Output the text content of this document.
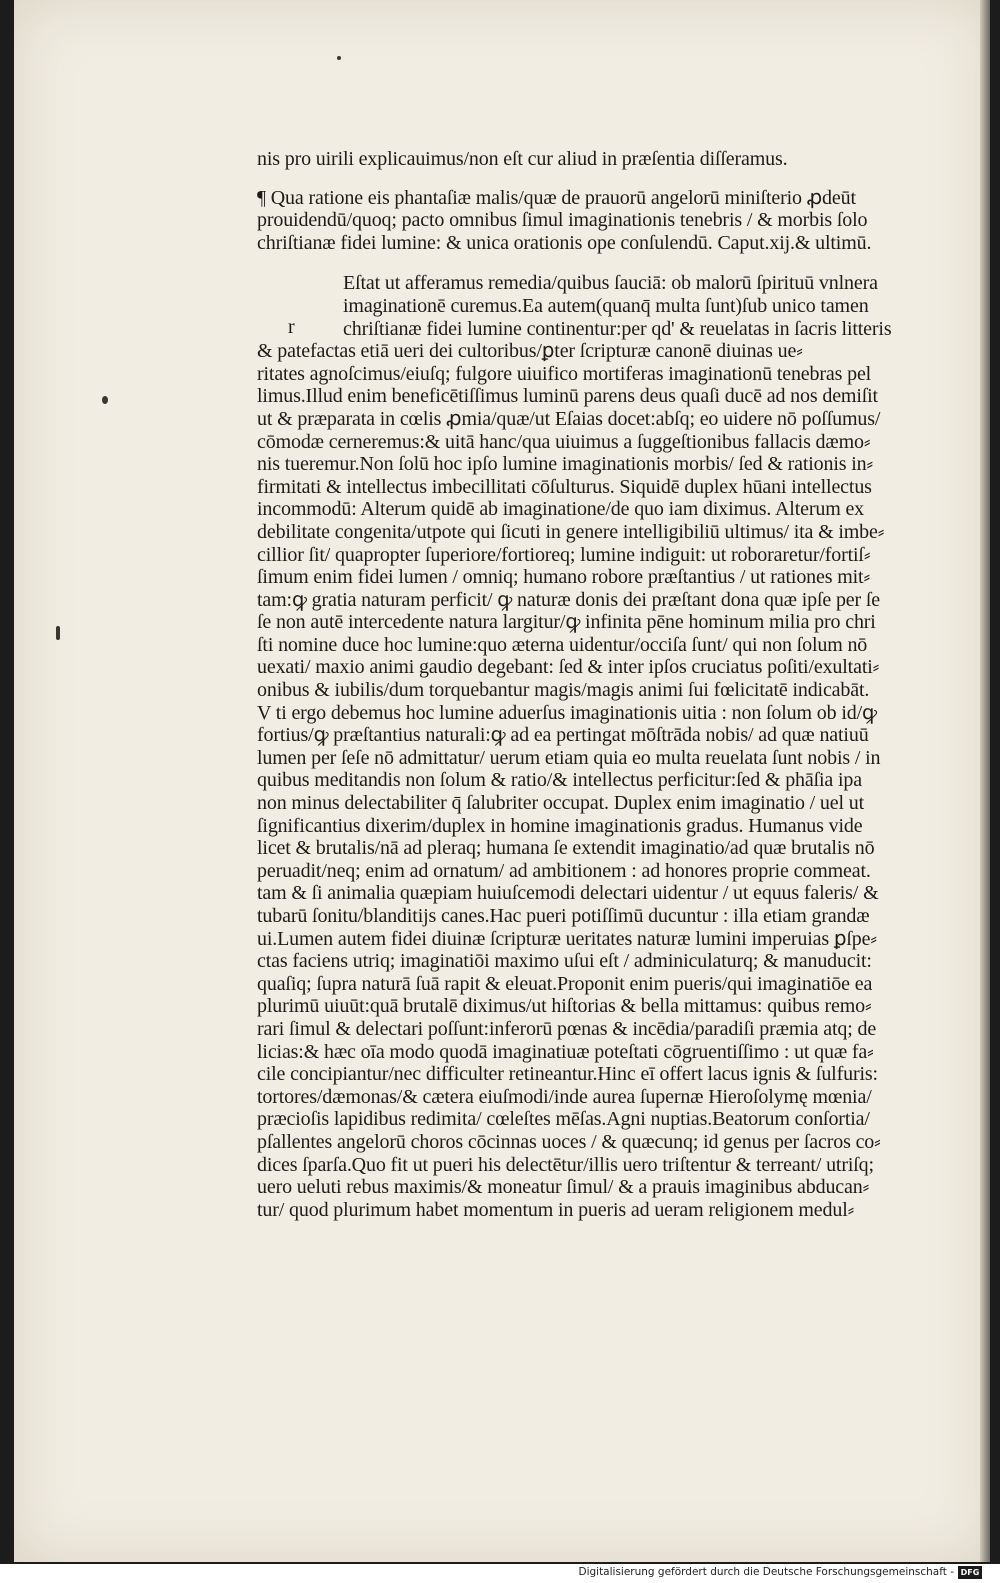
r
nis pro uirili explicauimus/non eſt cur aliud in præſentia diſſeramus.
¶ Qua ratione eis phantaſiæ malis/quæ de prauorū angelorū miniſterio ꝓdeūt
prouidendū/quoq; pacto omnibus ſimul imaginationis tenebris / & morbis ſolo
chriſtianæ fidei lumine: & unica orationis ope conſulendū. Caput.xij.& ultimū.
Eſtat ut afferamus remedia/quibus ſauciā: ob malorū ſpirituū vnlnera
imaginationē curemus.Ea autem(quanq̄ multa ſunt)ſub unico tamen
chriſtianæ fidei lumine continentur:per qd' & reuelatas in ſacris litteris
& patefactas etiā ueri dei cultoribus/ꝑter ſcripturæ canonē diuinas ue⸗
ritates agnoſcimus/eiuſq; fulgore uiuifico mortiferas imaginationū tenebras pel
limus.Illud enim beneficētiſſimus luminū parens deus quaſi ducē ad nos demiſit
ut & præparata in cœlis ꝓmia/quæ/ut Eſaias docet:abſq; eo uidere nō poſſumus/
cōmodæ cerneremus:& uitā hanc/qua uiuimus a ſuggeſtionibus fallacis dæmo⸗
nis tueremur.Non ſolū hoc ipſo lumine imaginationis morbis/ ſed & rationis in⸗
firmitati & intellectus imbecillitati cōſulturus. Siquidē duplex hūani intellectus
incommodū: Alterum quidē ab imaginatione/de quo iam diximus. Alterum ex
debilitate congenita/utpote qui ſicuti in genere intelligibiliū ultimus/ ita & imbe⸗
cillior ſit/ quapropter ſuperiore/fortioreq; lumine indiguit: ut roboraretur/fortiſ⸗
ſimum enim fidei lumen / omniq; humano robore præſtantius / ut rationes mit⸗
tam:ꝙ gratia naturam perficit/ ꝙ naturæ donis dei præſtant dona quæ ipſe per ſe
ſe non autē intercedente natura largitur/ꝙ infinita pēne hominum milia pro chri
ſti nomine duce hoc lumine:quo æterna uidentur/occiſa ſunt/ qui non ſolum nō
uexati/ maxio animi gaudio degebant: ſed & inter ipſos cruciatus poſiti/exultati⸗
onibus & iubilis/dum torquebantur magis/magis animi ſui fœlicitatē indicabāt.
V ti ergo debemus hoc lumine aduerſus imaginationis uitia : non ſolum ob id/ꝙ
fortius/ꝙ præſtantius naturali:ꝙ ad ea pertingat mōſtrāda nobis/ ad quæ natiuū
lumen per ſeſe nō admittatur/ uerum etiam quia eo multa reuelata ſunt nobis / in
quibus meditandis non ſolum & ratio/& intellectus perficitur:ſed & phāſia ipa
non minus delectabiliter q̄ ſalubriter occupat. Duplex enim imaginatio / uel ut
ſignificantius dixerim/duplex in homine imaginationis gradus. Humanus vide
licet & brutalis/nā ad pleraq; humana ſe extendit imaginatio/ad quæ brutalis nō
peruadit/neq; enim ad ornatum/ ad ambitionem : ad honores proprie commeat.
tam & ſi animalia quæpiam huiuſcemodi delectari uidentur / ut equus faleris/ &
tubarū ſonitu/blanditijs canes.Hac pueri potiſſimū ducuntur : illa etiam grandæ
ui.Lumen autem fidei diuinæ ſcripturæ ueritates naturæ lumini imperuias ꝑſpe⸗
ctas faciens utriq; imaginatiōi maximo uſui eſt / adminiculaturq; & manuducit:
quaſiq; ſupra naturā ſuā rapit & eleuat.Proponit enim pueris/qui imaginatiōe ea
plurimū uiuūt:quā brutalē diximus/ut hiſtorias & bella mittamus: quibus remo⸗
rari ſimul & delectari poſſunt:inferorū pœnas & incēdia/paradiſi præmia atq; de
licias:& hæc oīa modo quodā imaginatiuæ poteſtati cōgruentiſſimo : ut quæ fa⸗
cile concipiantur/nec difficulter retineantur.Hinc eī offert lacus ignis & ſulfuris:
tortores/dæmonas/& cætera eiuſmodi/inde aurea ſupernæ Hieroſolymę mœnia/
præcioſis lapidibus redimita/ cœleſtes mēſas.Agni nuptias.Beatorum conſortia/
pſallentes angelorū choros cōcinnas uoces / & quæcunq; id genus per ſacros co⸗
dices ſparſa.Quo fit ut pueri his delectētur/illis uero triſtentur & terreant/ utriſq;
uero ueluti rebus maximis/& moneatur ſimul/ & a prauis imaginibus abducan⸗
tur/ quod plurimum habet momentum in pueris ad ueram religionem medul⸗
Digitalisierung gefördert durch die Deutsche Forschungsgemeinschaft - DFG
